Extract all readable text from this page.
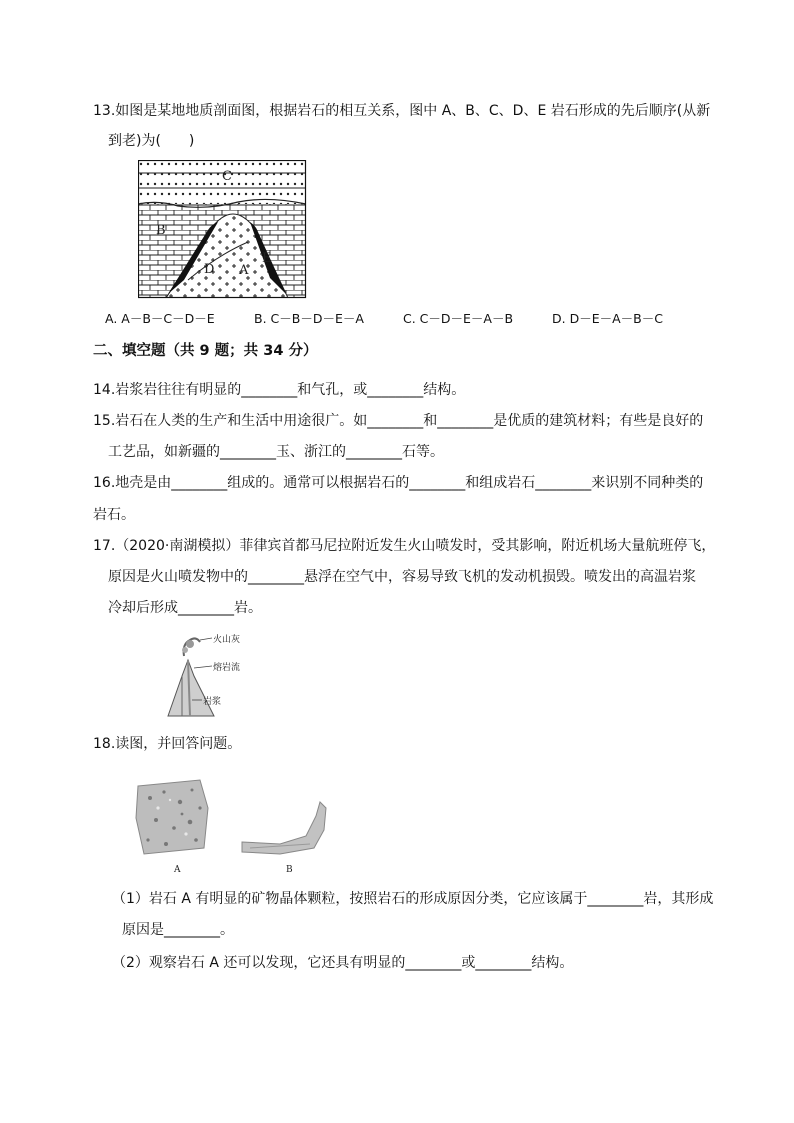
13.如图是某地地质剖面图，根据岩石的相互关系，图中 A、B、C、D、E 岩石形成的先后顺序(从新
到老)为(　　)
C
B
D A
E
A. A－B－C－D－E	B. C－B－D－E－A	C. C－D－E－A－B	D. D－E－A－B－C
二、填空题（共 9 题；共 34 分）
14.岩浆岩往往有明显的________和气孔，或________结构。
15.岩石在人类的生产和生活中用途很广。如________和________是优质的建筑材料；有些是良好的
工艺品，如新疆的________玉、浙江的________石等。
16.地壳是由________组成的。通常可以根据岩石的________和组成岩石________来识别不同种类的
岩石。
17.（2020·南湖模拟）菲律宾首都马尼拉附近发生火山喷发时，受其影响，附近机场大量航班停飞，
原因是火山喷发物中的________悬浮在空气中，容易导致飞机的发动机损毁。喷发出的高温岩浆
冷却后形成________岩。
火山灰
熔岩流
岩浆
18.读图，并回答问题。
A	B
（1）岩石 A 有明显的矿物晶体颗粒，按照岩石的形成原因分类，它应该属于________岩，其形成
原因是________。
（2）观察岩石 A 还可以发现，它还具有明显的________或________结构。
